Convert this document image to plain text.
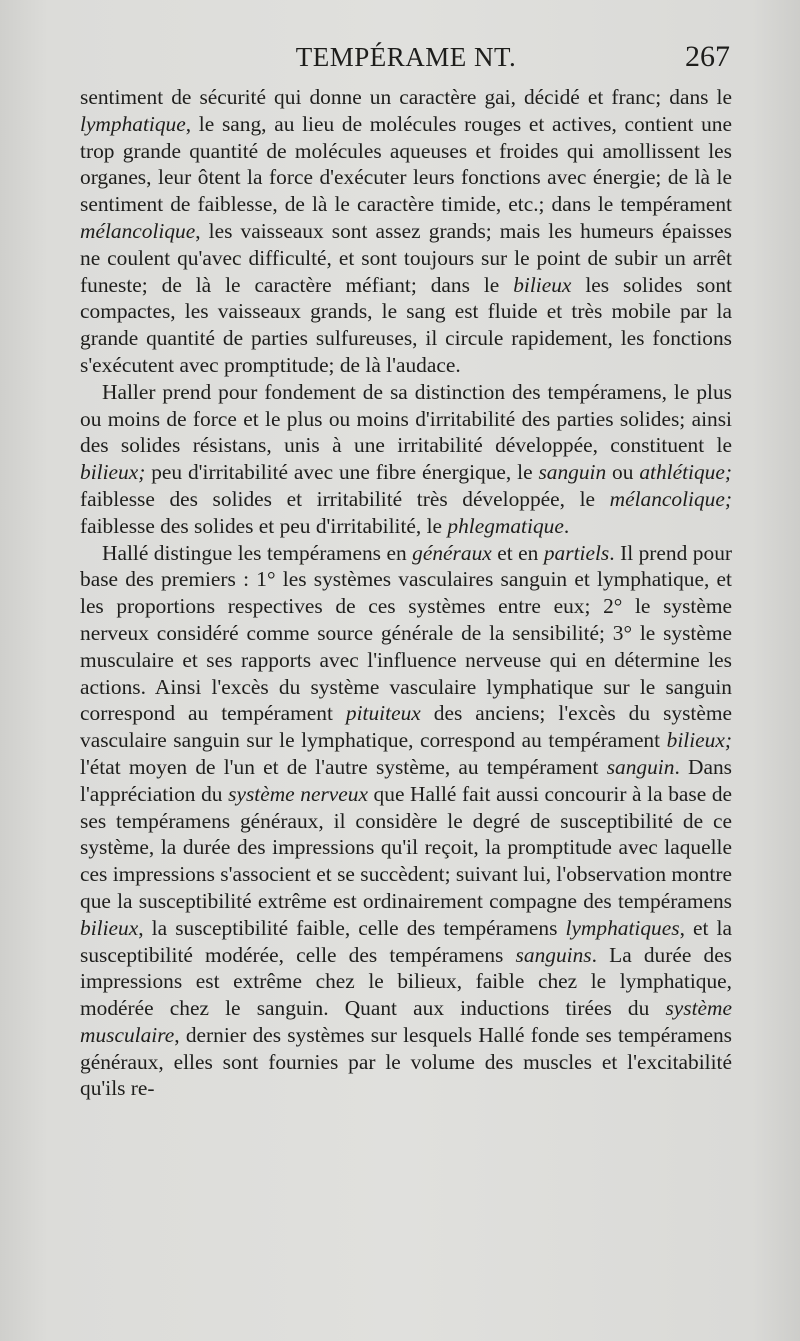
TEMPÉRAME NT.	267

sentiment de sécurité qui donne un caractère gai, décidé et franc; dans le lymphatique, le sang, au lieu de molécules rouges et actives, contient une trop grande quantité de molécules aqueuses et froides qui amollissent les organes, leur ôtent la force d'exécuter leurs fonctions avec énergie; de là le sentiment de faiblesse, de là le caractère timide, etc.; dans le tempérament mélancolique, les vaisseaux sont assez grands; mais les humeurs épaisses ne coulent qu'avec difficulté, et sont toujours sur le point de subir un arrêt funeste; de là le caractère méfiant; dans le bilieux les solides sont compactes, les vaisseaux grands, le sang est fluide et très mobile par la grande quantité de parties sulfureuses, il circule rapidement, les fonctions s'exécutent avec promptitude; de là l'audace.

Haller prend pour fondement de sa distinction des tempéramens, le plus ou moins de force et le plus ou moins d'irritabilité des parties solides; ainsi des solides résistans, unis à une irritabilité développée, constituent le bilieux; peu d'irritabilité avec une fibre énergique, le sanguin ou athlétique; faiblesse des solides et irritabilité très développée, le mélancolique; faiblesse des solides et peu d'irritabilité, le phlegmatique.

Hallé distingue les tempéramens en généraux et en partiels. Il prend pour base des premiers : 1° les systèmes vasculaires sanguin et lymphatique, et les proportions respectives de ces systèmes entre eux; 2° le système nerveux considéré comme source générale de la sensibilité; 3° le système musculaire et ses rapports avec l'influence nerveuse qui en détermine les actions. Ainsi l'excès du système vasculaire lymphatique sur le sanguin correspond au tempérament pituiteux des anciens; l'excès du système vasculaire sanguin sur le lymphatique, correspond au tempérament bilieux; l'état moyen de l'un et de l'autre système, au tempérament sanguin. Dans l'appréciation du système nerveux que Hallé fait aussi concourir à la base de ses tempéramens généraux, il considère le degré de susceptibilité de ce système, la durée des impressions qu'il reçoit, la promptitude avec laquelle ces impressions s'associent et se succèdent; suivant lui, l'observation montre que la susceptibilité extrême est ordinairement compagne des tempéramens bilieux, la susceptibilité faible, celle des tempéramens lymphatiques, et la susceptibilité modérée, celle des tempéramens sanguins. La durée des impressions est extrême chez le bilieux, faible chez le lymphatique, modérée chez le sanguin. Quant aux inductions tirées du système musculaire, dernier des systèmes sur lesquels Hallé fonde ses tempéramens généraux, elles sont fournies par le volume des muscles et l'excitabilité qu'ils re-
